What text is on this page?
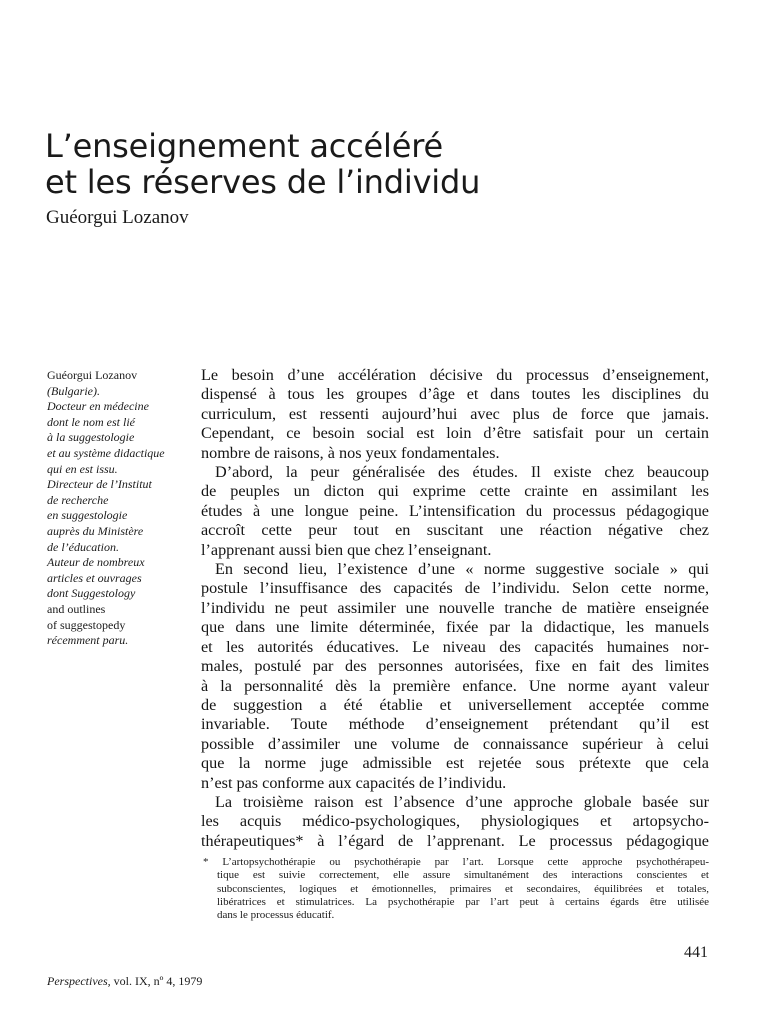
L’enseignement accéléré
et les réserves de l’individu
Guéorgui Lozanov
Guéorgui Lozanov
(Bulgarie).
Docteur en médecine
dont le nom est lié
à la suggestologie
et au système didactique
qui en est issu.
Directeur de l’Institut
de recherche
en suggestologie
auprès du Ministère
de l’éducation.
Auteur de nombreux
articles et ouvrages
dont Suggestology
and outlines
of suggestopedy
récemment paru.
Le besoin d’une accélération décisive du processus d’enseignement,
dispensé à tous les groupes d’âge et dans toutes les disciplines du
curriculum, est ressenti aujourd’hui avec plus de force que jamais.
Cependant, ce besoin social est loin d’être satisfait pour un certain
nombre de raisons, à nos yeux fondamentales.
D’abord, la peur généralisée des études. Il existe chez beaucoup
de peuples un dicton qui exprime cette crainte en assimilant les
études à une longue peine. L’intensification du processus pédagogique
accroît cette peur tout en suscitant une réaction négative chez
l’apprenant aussi bien que chez l’enseignant.
En second lieu, l’existence d’une « norme suggestive sociale » qui
postule l’insuffisance des capacités de l’individu. Selon cette norme,
l’individu ne peut assimiler une nouvelle tranche de matière enseignée
que dans une limite déterminée, fixée par la didactique, les manuels
et les autorités éducatives. Le niveau des capacités humaines nor-
males, postulé par des personnes autorisées, fixe en fait des limites
à la personnalité dès la première enfance. Une norme ayant valeur
de suggestion a été établie et universellement acceptée comme
invariable. Toute méthode d’enseignement prétendant qu’il est
possible d’assimiler une volume de connaissance supérieur à celui
que la norme juge admissible est rejetée sous prétexte que cela
n’est pas conforme aux capacités de l’individu.
La troisième raison est l’absence d’une approche globale basée sur
les acquis médico-psychologiques, physiologiques et artopsycho-
thérapeutiques* à l’égard de l’apprenant. Le processus pédagogique
* L’artopsychothérapie ou psychothérapie par l’art. Lorsque cette approche psychothérapeu-
tique est suivie correctement, elle assure simultanément des interactions conscientes et
subconscientes, logiques et émotionnelles, primaires et secondaires, équilibrées et totales,
libératrices et stimulatrices. La psychothérapie par l’art peut à certains égards être utilisée
dans le processus éducatif.
441
Perspectives, vol. IX, nº 4, 1979
